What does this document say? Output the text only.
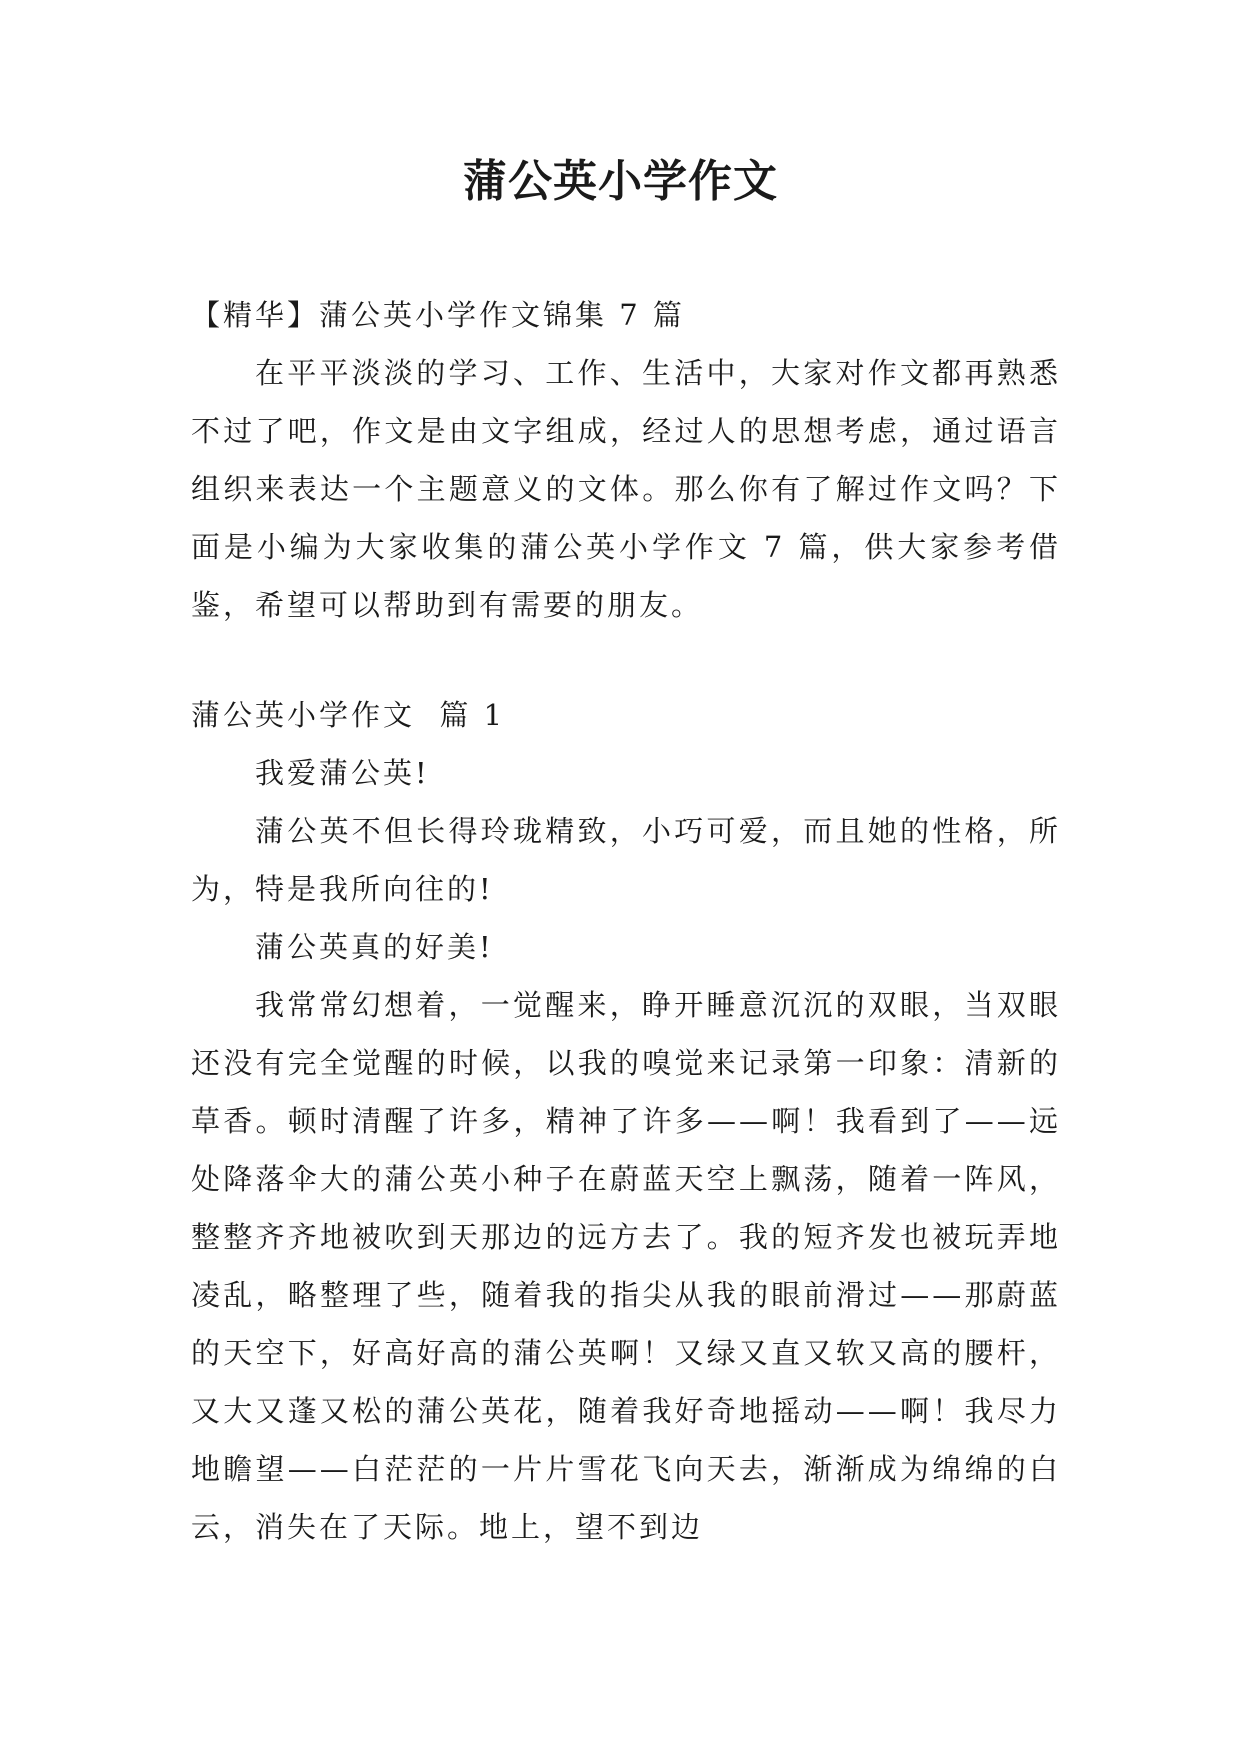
蒲公英小学作文

【精华】蒲公英小学作文锦集 7 篇

在平平淡淡的学习、工作、生活中，大家对作文都再熟悉不过了吧，作文是由文字组成，经过人的思想考虑，通过语言组织来表达一个主题意义的文体。那么你有了解过作文吗？下面是小编为大家收集的蒲公英小学作文 7 篇，供大家参考借鉴，希望可以帮助到有需要的朋友。

蒲公英小学作文  篇 1

我爱蒲公英!

蒲公英不但长得玲珑精致，小巧可爱，而且她的性格，所为，特是我所向往的!

蒲公英真的好美!

我常常幻想着，一觉醒来，睁开睡意沉沉的双眼，当双眼还没有完全觉醒的时候，以我的嗅觉来记录第一印象：清新的草香。顿时清醒了许多，精神了许多——啊！我看到了——远处降落伞大的蒲公英小种子在蔚蓝天空上飘荡，随着一阵风，整整齐齐地被吹到天那边的远方去了。我的短齐发也被玩弄地凌乱，略整理了些，随着我的指尖从我的眼前滑过——那蔚蓝的天空下，好高好高的蒲公英啊！又绿又直又软又高的腰杆，又大又蓬又松的蒲公英花，随着我好奇地摇动——啊！我尽力地瞻望——白茫茫的一片片雪花飞向天去，渐渐成为绵绵的白云，消失在了天际。地上，望不到边
